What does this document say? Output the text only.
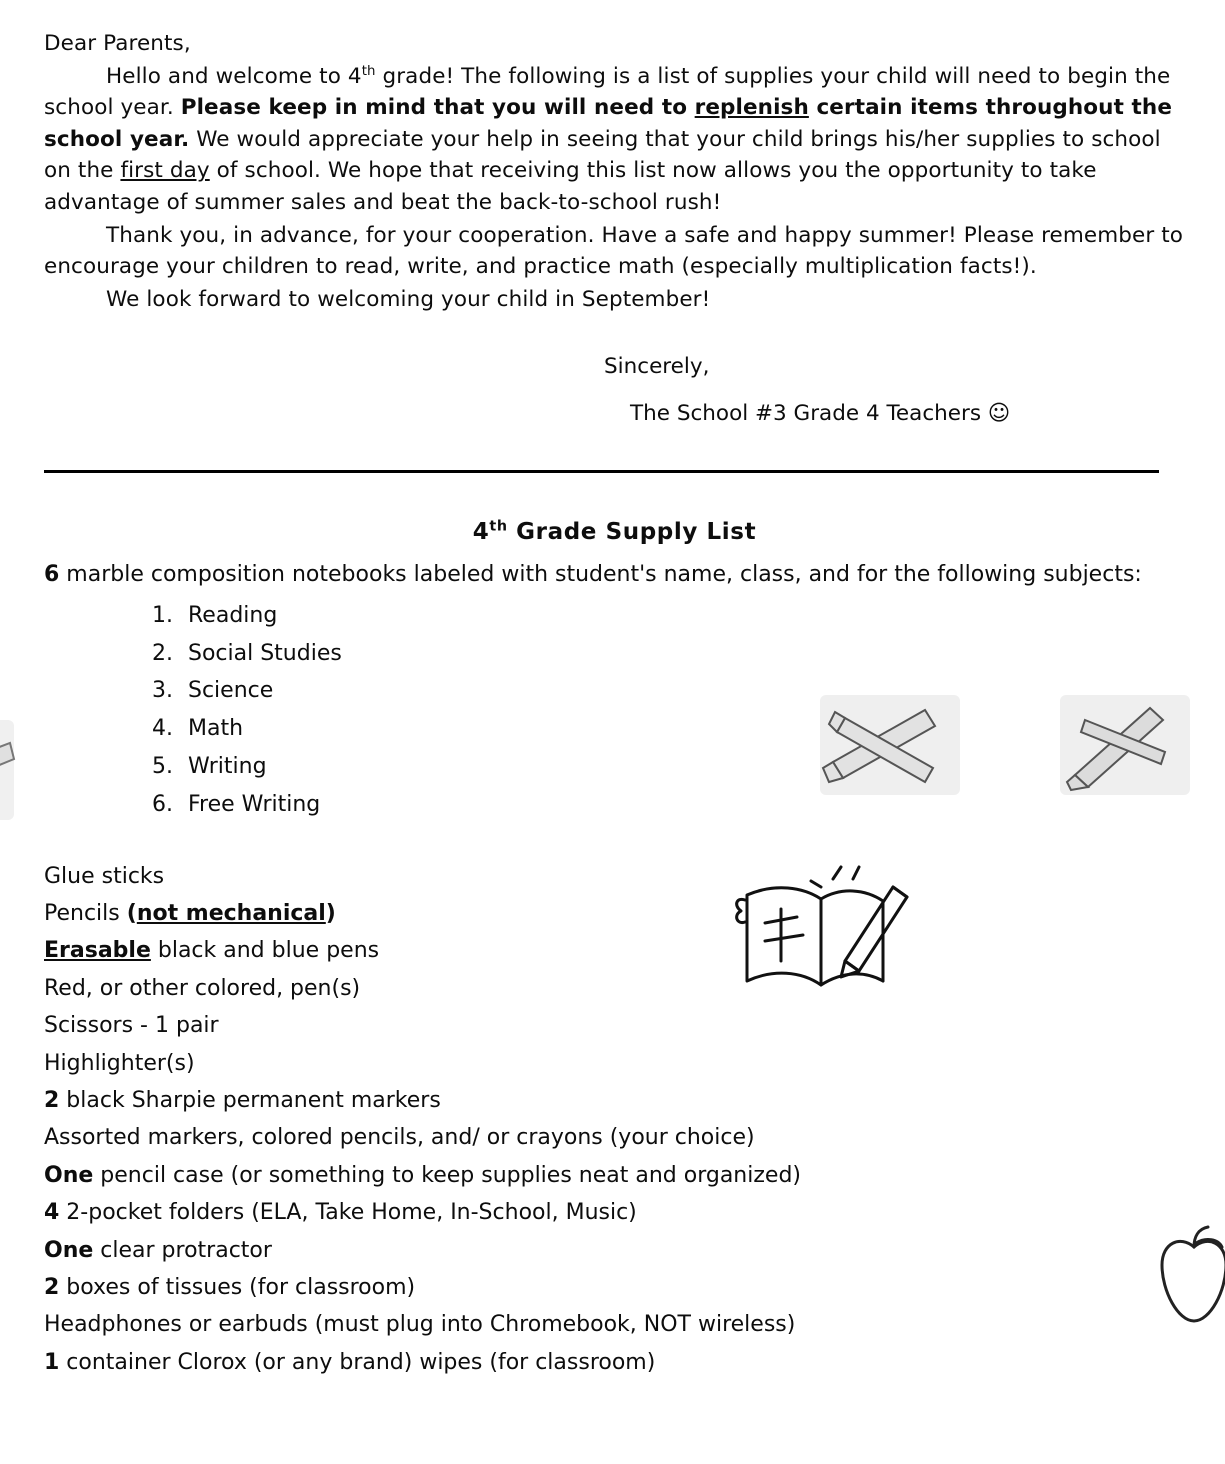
Dear Parents,

Hello and welcome to 4th grade! The following is a list of supplies your child will need to begin the school year. Please keep in mind that you will need to replenish certain items throughout the school year. We would appreciate your help in seeing that your child brings his/her supplies to school on the first day of school. We hope that receiving this list now allows you the opportunity to take advantage of summer sales and beat the back-to-school rush!

Thank you, in advance, for your cooperation. Have a safe and happy summer! Please remember to encourage your children to read, write, and practice math (especially multiplication facts!).

We look forward to welcoming your child in September!

Sincerely,
The School #3 Grade 4 Teachers ☺
4th Grade Supply List
6 marble composition notebooks labeled with student's name, class, and for the following subjects:
1. Reading
2. Social Studies
3. Science
4. Math
5. Writing
6. Free Writing
Glue sticks
Pencils (not mechanical)
Erasable black and blue pens
Red, or other colored, pen(s)
Scissors - 1 pair
Highlighter(s)
2 black Sharpie permanent markers
Assorted markers, colored pencils, and/ or crayons (your choice)
One pencil case (or something to keep supplies neat and organized)
4 2-pocket folders (ELA, Take Home, In-School, Music)
One clear protractor
2 boxes of tissues (for classroom)
Headphones or earbuds (must plug into Chromebook, NOT wireless)
1 container Clorox (or any brand) wipes (for classroom)
